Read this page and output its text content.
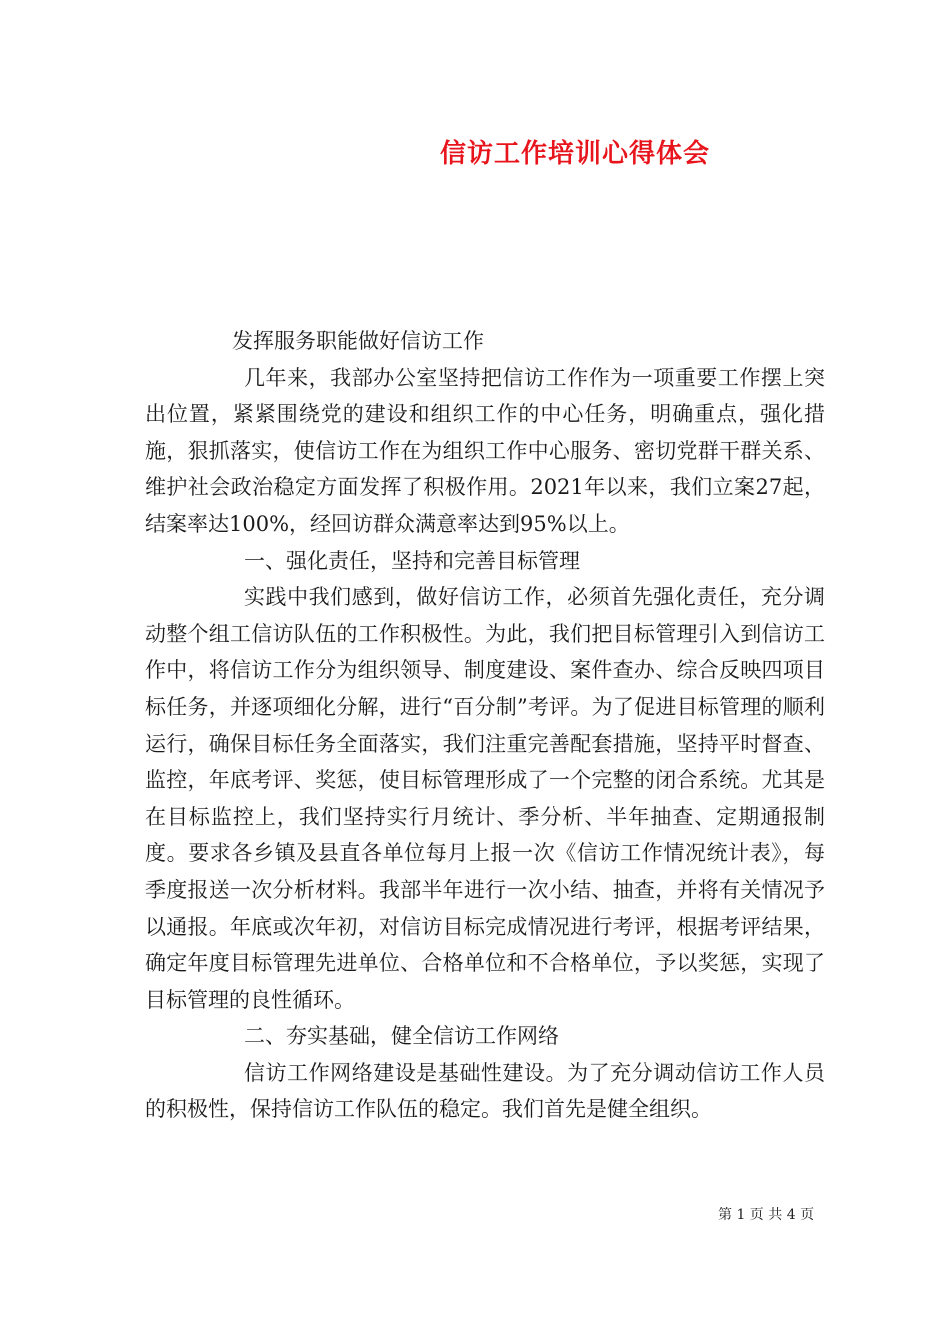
信访工作培训心得体会

发挥服务职能做好信访工作

几年来，我部办公室坚持把信访工作作为一项重要工作摆上突出位置，紧紧围绕党的建设和组织工作的中心任务，明确重点，强化措施，狠抓落实，使信访工作在为组织工作中心服务、密切党群干群关系、维护社会政治稳定方面发挥了积极作用。2021年以来，我们立案27起，结案率达100%，经回访群众满意率达到95%以上。

一、强化责任，坚持和完善目标管理

实践中我们感到，做好信访工作，必须首先强化责任，充分调动整个组工信访队伍的工作积极性。为此，我们把目标管理引入到信访工作中，将信访工作分为组织领导、制度建设、案件查办、综合反映四项目标任务，并逐项细化分解，进行“百分制”考评。为了促进目标管理的顺利运行，确保目标任务全面落实，我们注重完善配套措施，坚持平时督查、监控，年底考评、奖惩，使目标管理形成了一个完整的闭合系统。尤其是在目标监控上，我们坚持实行月统计、季分析、半年抽查、定期通报制度。要求各乡镇及县直各单位每月上报一次《信访工作情况统计表》，每季度报送一次分析材料。我部半年进行一次小结、抽查，并将有关情况予以通报。年底或次年初，对信访目标完成情况进行考评，根据考评结果，确定年度目标管理先进单位、合格单位和不合格单位，予以奖惩，实现了目标管理的良性循环。

二、夯实基础，健全信访工作网络

信访工作网络建设是基础性建设。为了充分调动信访工作人员的积极性，保持信访工作队伍的稳定。我们首先是健全组织。

第 1 页 共 4 页
